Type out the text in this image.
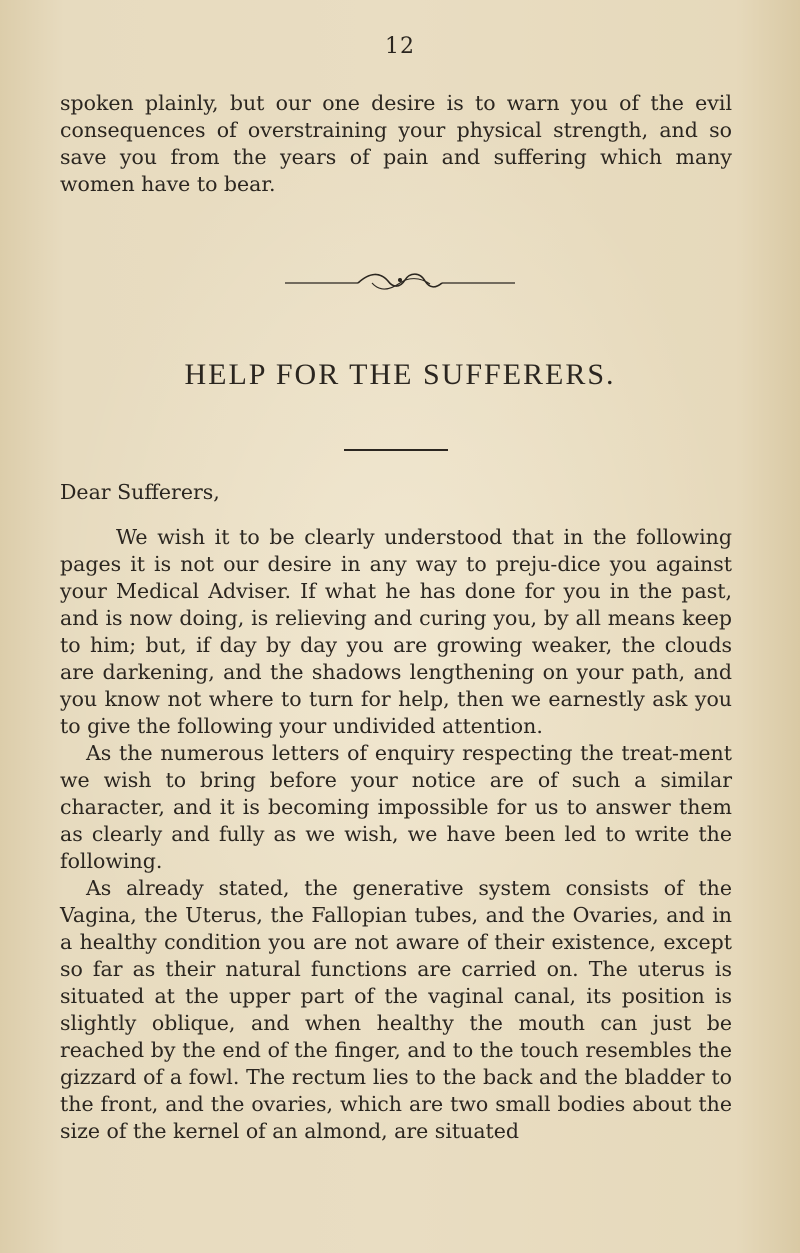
12

spoken plainly, but our one desire is to warn you of the evil consequences of overstraining your physical strength, and so save you from the years of pain and suffering which many women have to bear.

HELP FOR THE SUFFERERS.
Dear Sufferers,

We wish it to be clearly understood that in the following pages it is not our desire in any way to preju-dice you against your Medical Adviser. If what he has done for you in the past, and is now doing, is relieving and curing you, by all means keep to him; but, if day by day you are growing weaker, the clouds are darkening, and the shadows lengthening on your path, and you know not where to turn for help, then we earnestly ask you to give the following your undivided attention.

As the numerous letters of enquiry respecting the treat-ment we wish to bring before your notice are of such a similar character, and it is becoming impossible for us to answer them as clearly and fully as we wish, we have been led to write the following.

As already stated, the generative system consists of the Vagina, the Uterus, the Fallopian tubes, and the Ovaries, and in a healthy condition you are not aware of their existence, except so far as their natural functions are carried on. The uterus is situated at the upper part of the vaginal canal, its position is slightly oblique, and when healthy the mouth can just be reached by the end of the finger, and to the touch resembles the gizzard of a fowl. The rectum lies to the back and the bladder to the front, and the ovaries, which are two small bodies about the size of the kernel of an almond, are situated
